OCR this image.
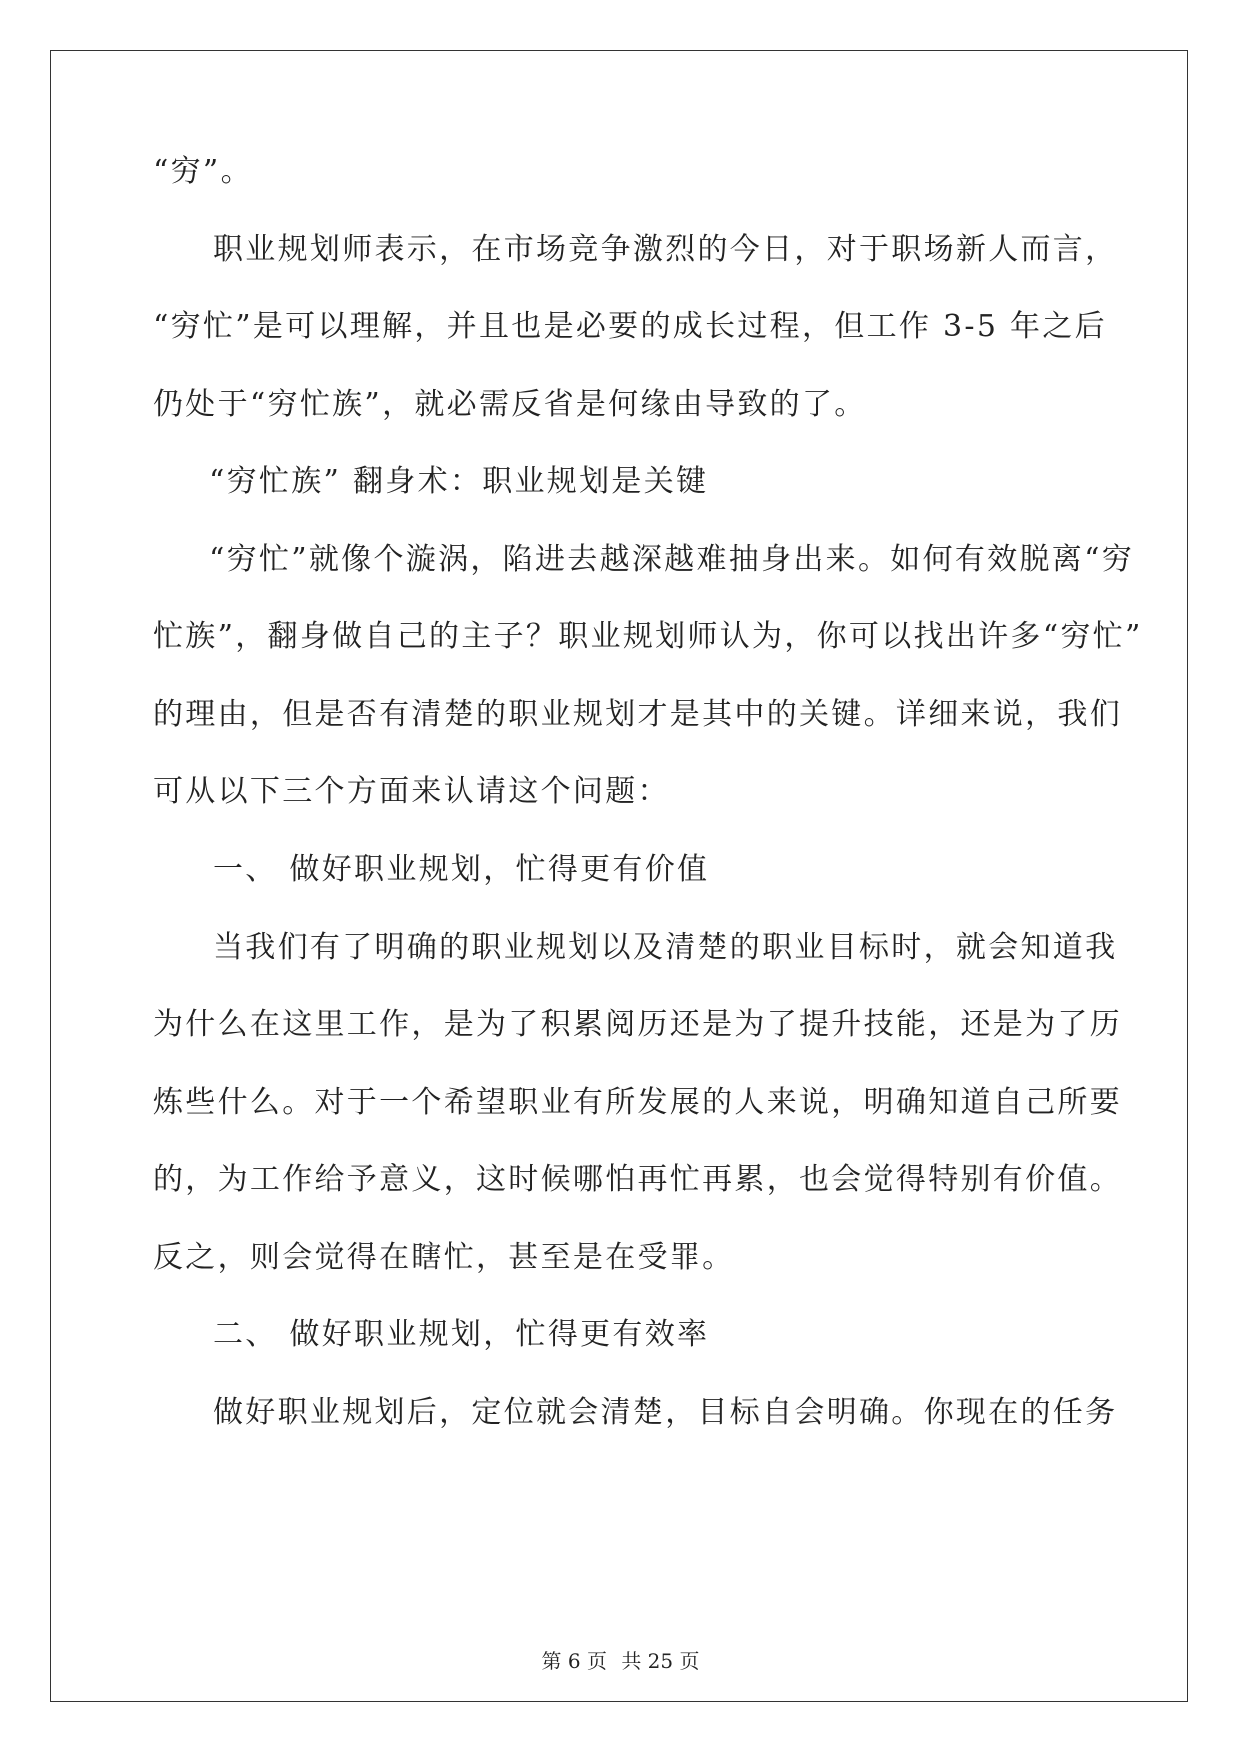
“穷”。
职业规划师表示，在市场竞争激烈的今日，对于职场新人而言，
“穷忙”是可以理解，并且也是必要的成长过程，但工作 3-5 年之后
仍处于“穷忙族”，就必需反省是何缘由导致的了。
“穷忙族” 翻身术：职业规划是关键
“穷忙”就像个漩涡，陷进去越深越难抽身出来。如何有效脱离“穷
忙族”，翻身做自己的主子？职业规划师认为，你可以找出许多“穷忙”
的理由，但是否有清楚的职业规划才是其中的关键。详细来说，我们
可从以下三个方面来认请这个问题：
一、 做好职业规划，忙得更有价值
当我们有了明确的职业规划以及清楚的职业目标时，就会知道我
为什么在这里工作，是为了积累阅历还是为了提升技能，还是为了历
炼些什么。对于一个希望职业有所发展的人来说，明确知道自己所要
的，为工作给予意义，这时候哪怕再忙再累，也会觉得特别有价值。
反之，则会觉得在瞎忙，甚至是在受罪。
二、 做好职业规划，忙得更有效率
做好职业规划后，定位就会清楚，目标自会明确。你现在的任务
第 6 页 共 25 页
